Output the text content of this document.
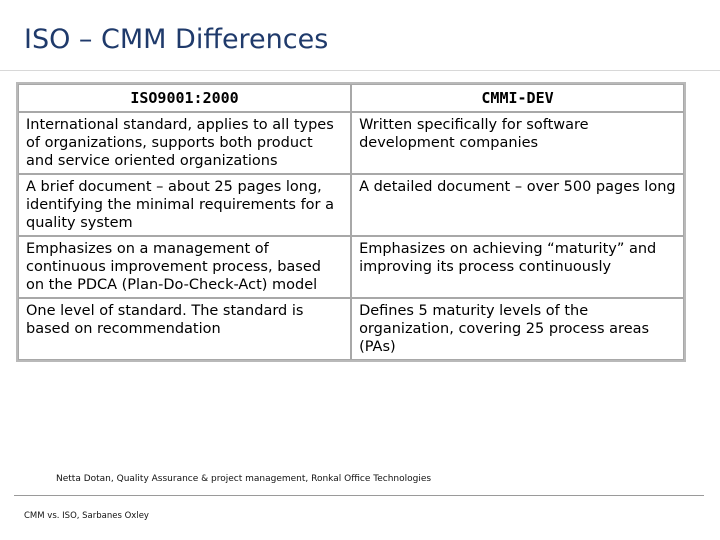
ISO – CMM Differences
ISO9001:2000	CMMI-DEV
International standard, applies to all types of organizations, supports both product and service oriented organizations	Written specifically for software development companies
A brief document – about 25 pages long, identifying the minimal requirements for a quality system	A detailed document – over 500 pages long
Emphasizes on a management of continuous improvement process, based on the PDCA (Plan-Do-Check-Act) model	Emphasizes on achieving “maturity” and improving its process continuously
One level of standard. The standard is based on recommendation	Defines 5 maturity levels of the organization, covering 25 process areas (PAs)
Netta Dotan, Quality Assurance & project management, Ronkal Office Technologies
CMM vs. ISO, Sarbanes Oxley
